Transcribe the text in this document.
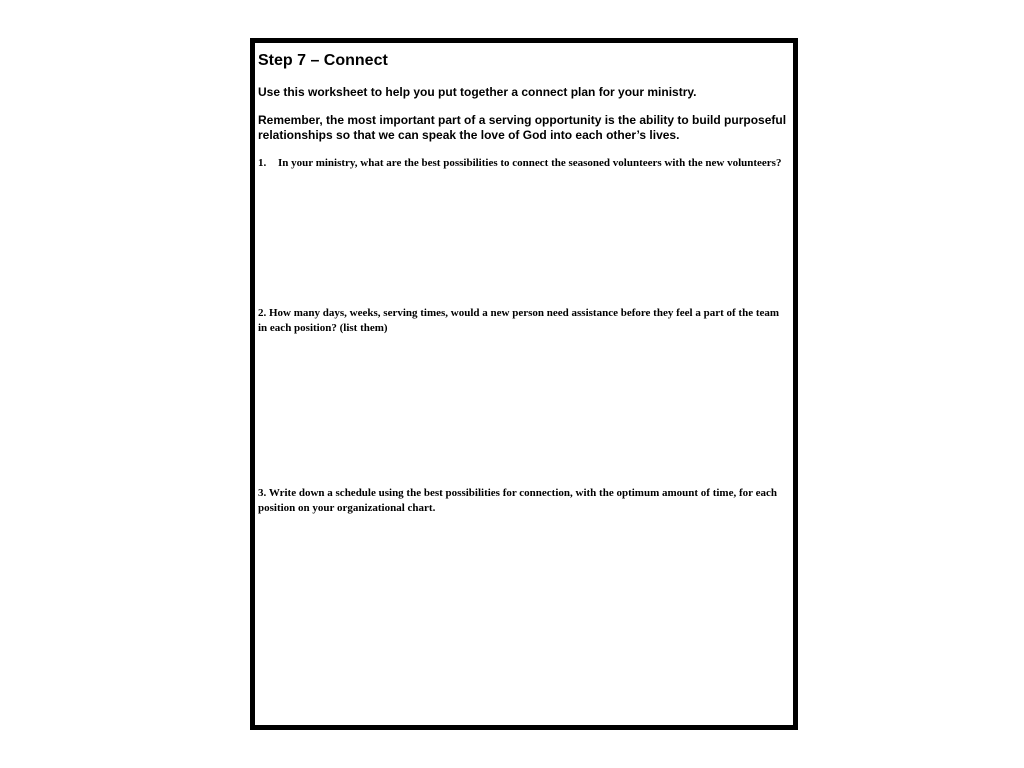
Step 7 – Connect

Use this worksheet to help you put together a connect plan for your ministry.

Remember, the most important part of a serving opportunity is the ability to build purposeful relationships so that we can speak the love of God into each other’s lives.

1. In your ministry, what are the best possibilities to connect the seasoned volunteers with the new volunteers?

2. How many days, weeks, serving times, would a new person need assistance before they feel a part of the team in each position? (list them)

3. Write down a schedule using the best possibilities for connection, with the optimum amount of time, for each position on your organizational chart.
